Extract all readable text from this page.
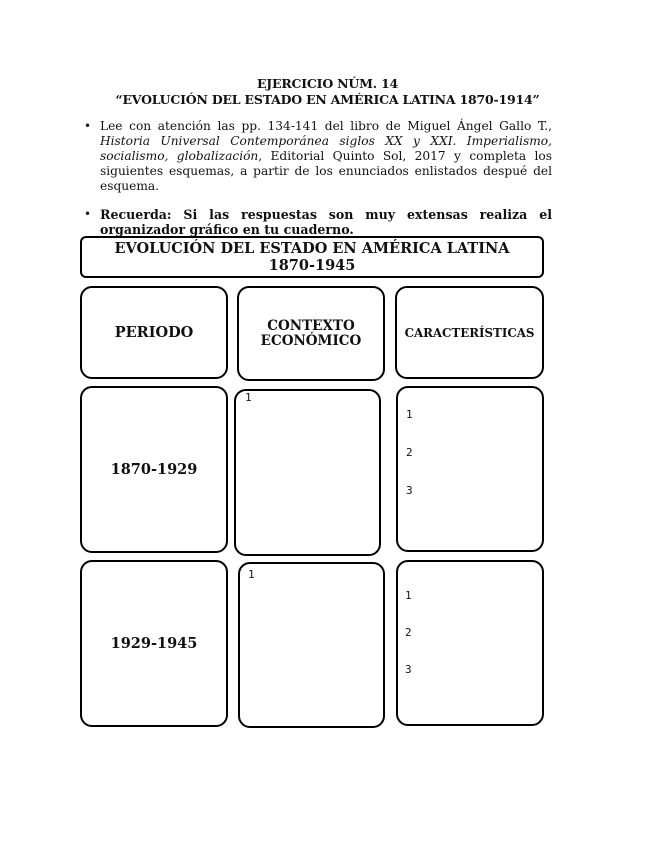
EJERCICIO NÚM. 14
“EVOLUCIÓN DEL ESTADO EN AMÉRICA LATINA 1870-1914”
• Lee con atención las pp. 134-141 del libro de Miguel Ángel Gallo T., Historia Universal Contemporánea siglos XX y XXI. Imperialismo, socialismo, globalización, Editorial Quinto Sol, 2017 y completa los siguientes esquemas, a partir de los enunciados enlistados despué del esquema.
• Recuerda: Si las respuestas son muy extensas realiza el organizador gráfico en tu cuaderno.
EVOLUCIÓN DEL ESTADO EN AMÉRICA LATINA 1870-1945
PERIODO	CONTEXTO ECONÓMICO	CARACTERÍSTICAS
1870-1929
1
1
2
3
1929-1945
1
1
2
3
